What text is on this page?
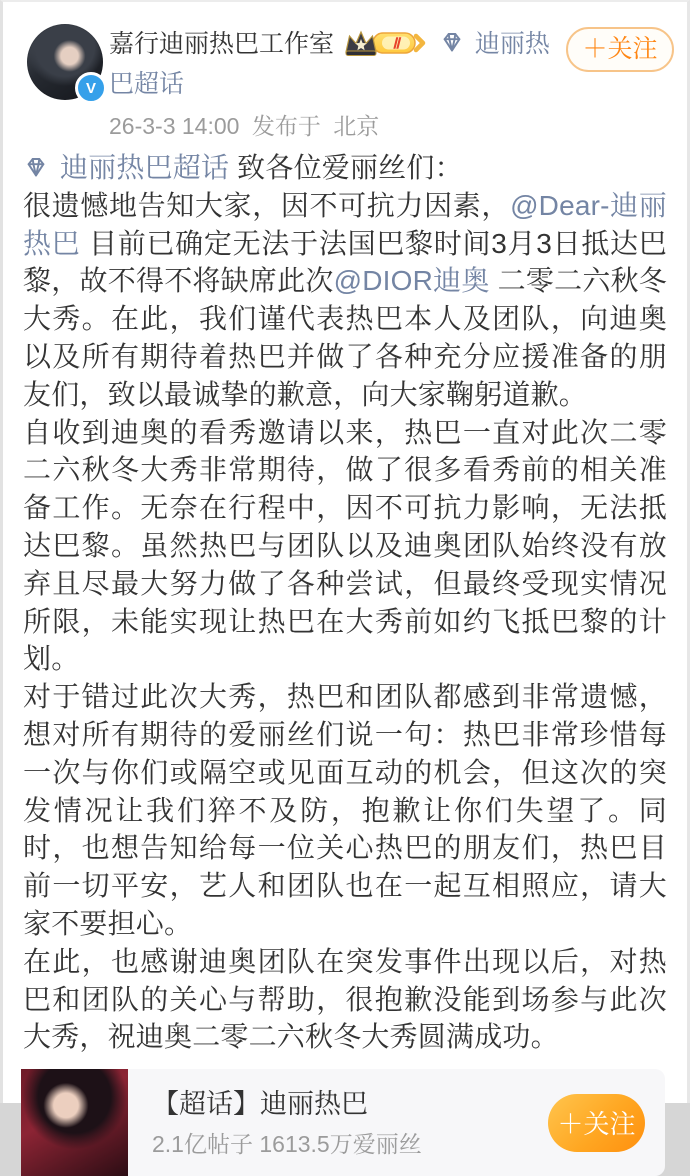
V
嘉行迪丽热巴工作室	Ⅱ	迪丽热巴超话
26-3-3 14:00 发布于 北京
＋关注

迪丽热巴超话 致各位爱丽丝们：

很遗憾地告知大家，因不可抗力因素，@Dear-迪丽热巴 目前已确定无法于法国巴黎时间3月3日抵达巴黎，故不得不将缺席此次@DIOR迪奥 二零二六秋冬大秀。在此，我们谨代表热巴本人及团队，向迪奥以及所有期待着热巴并做了各种充分应援准备的朋友们，致以最诚挚的歉意，向大家鞠躬道歉。

自收到迪奥的看秀邀请以来，热巴一直对此次二零二六秋冬大秀非常期待，做了很多看秀前的相关准备工作。无奈在行程中，因不可抗力影响，无法抵达巴黎。虽然热巴与团队以及迪奥团队始终没有放弃且尽最大努力做了各种尝试，但最终受现实情况所限，未能实现让热巴在大秀前如约飞抵巴黎的计划。

对于错过此次大秀，热巴和团队都感到非常遗憾，想对所有期待的爱丽丝们说一句：热巴非常珍惜每一次与你们或隔空或见面互动的机会，但这次的突发情况让我们猝不及防，抱歉让你们失望了。同时，也想告知给每一位关心热巴的朋友们，热巴目前一切平安，艺人和团队也在一起互相照应，请大家不要担心。

在此，也感谢迪奥团队在突发事件出现以后，对热巴和团队的关心与帮助，很抱歉没能到场参与此次大秀，祝迪奥二零二六秋冬大秀圆满成功。

【超话】迪丽热巴
2.1亿帖子 1613.5万爱丽丝
＋关注
